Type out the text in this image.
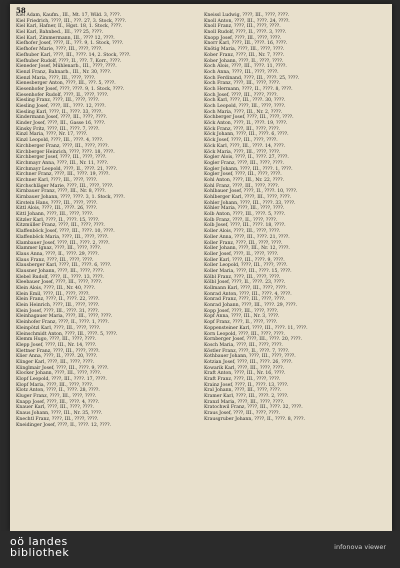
58
Kiel Adam, Kaufm., III., Mt. 17, Wild. 3, ????.
Kiel Friedrich, ????, III., ???. 27, 3. Stock, ????.
Kiel Karl, Hafner, II., Hgst. 18, 1. Stock, ????.
Kiel Karl, Bahnbed., III., ??? 25, ????.
Kiel Karl, Zimmermann, III., ???? 12, ????.
Kiefhofer Josef, ????, II., ???. 9, 1. Stock, ????.
Kiefhofer Marie, ????, III., ????, ????.
Kiefhuber Karl, ????, III., ????. 14, 2. Stock, ????.
Kiefhuber Rudolf, ????, II., ???. 7, Korr., ????.
Kieneder Josef, Mühlenarb., III., ????, ????.
Kienzl Franz, Bahnarb., III., Nr. 30, ????.
Kienzl Maria, ????, III., ????, ????.
Kienesberger Anton, ????, III., ???. 5, ????.
Kiesenhofer Josef, ????, ????. 9, 1. Stock, ????.
Kiesenhofer Rudolf, ????, II., ????, ????.
Kiesling Franz, ????, III., ????, ????.
Kiesling Josef, ????, III., ????. 12, ????.
Kiesling Karl, ????, II., ????. 33, ????.
Kindermann Josef, ????, III., ????, ????.
Kinder Josef, ????, III., Gasse 16, ????.
Kinsky Fritz, ????, III., ????. 7, ????.
Kinzl Maria, ????, Nr. 17, ????.
Kinzl Leopold, ????, III., ????. 4, ????.
Kirchberger Franz, ????, III., ????, ????.
Kirchberger Heinrich, ????, ????. 18, ????.
Kirchberger Josef, ????, III., ????, ????.
Kirchmayr Anna, ????, III., Nr. 11, ????.
Kirchmayr Leopold, ????, II., ????. 21, ????.
Kirchner Franz, ????, III., ????. 19, ????.
Kirchner Karl, ????, III., ????, ????.
Kirchschläger Marie, ????, III., ????, ????.
Kirnbauer Franz, ????, III., Nr. 8, ????.
Kirnbauer Johann, ????, ????. 3, 1. Stock, ????.
Kirstein Hans, ????, III., ????, ????.
Kittl Alois, ????, III., ????. 26, ????.
Kittl Johann, ????, III., ????, ????.
Kitzler Karl, ????, II., ????. 15, ????.
Kitzmüller Franz, ????, III., ????, ????.
Klaffenböck Josef, ????, III., ????. 10, ????.
Klaffenböck Maria, ????, III., ????, ????.
Klambauer Josef, ????, III., ????. 2, ????.
Klammer Ignaz, ????, III., ????, ????.
Klaus Anna, ????, II., ????. 29, ????.
Klaus Franz, ????, III., ????, ????.
Klausberger Karl, ????, III., ????. 6, ????.
Klausner Johann, ????, III., ????, ????.
Klebel Rudolf, ????, II., ????. 13, ????.
Kleebauer Josef, ????, III., ????, ????.
Klein Alois, ????, III., Nr. 40, ????.
Klein Emil, ????, III., ????, ????.
Klein Franz, ????, II., ????. 22, ????.
Klein Heinrich, ????, III., ????, ????.
Klein Josef, ????, III., ????. 31, ????.
Kleinhagauer Maria, ????, III., ????, ????.
Kleinhofer Franz, ????, II., ????. 1, ????.
Kleinpötzl Karl, ????, III., ????, ????.
Kleinschmidt Anton, ????, III., ????. 5, ????.
Klemm Hugo, ????, III., ????, ????.
Klepp Josef, ????, III., Nr. 14, ????.
Klettner Franz, ????, III., ????, ????.
Klier Anna, ????, II., ????. 20, ????.
Klinger Karl, ????, III., ????, ????.
Klinglmair Josef, ????, III., ????. 9, ????.
Klocker Johann, ????, III., ????, ????.
Klopf Leopold, ????, III., ????. 17, ????.
Klopf Maria, ????, III., ????, ????.
Klotz Anton, ????, II., ????. 28, ????.
Kluger Franz, ????, III., ????, ????.
Knapp Josef, ????, III., ????. 4, ????.
Knauer Karl, ????, III., ????, ????.
Knaus Johann, ????, III., Nr. 35, ????.
Knechtl Franz, ????, III., ????, ????.
Kneidinger Josef, ????, II., ????. 12, ????.
Kneissl Ludwig, ????, III., ????, ????.
Knoll Anton, ????, III., ????. 24, ????.
Knoll Franz, ????, III., ????, ????.
Knoll Rudolf, ????, II., ????. 3, ????.
Knopp Josef, ????, III., ????, ????.
Knorr Karl, ????, III., ????. 16, ????.
Knötig Maria, ????, III., ????, ????.
Kober Franz, ????, III., Nr. 7, ????.
Kober Johann, ????, II., ????, ????.
Koch Alois, ????, III., ????. 11, ????.
Koch Anna, ????, III., ????, ????.
Koch Ferdinand, ????, III., ????. 25, ????.
Koch Franz, ????, III., ????, ????.
Koch Hermann, ????, II., ????. 8, ????.
Koch Josef, ????, III., ????, ????.
Koch Karl, ????, III., ????. 30, ????.
Koch Leopold, ????, III., ????, ????.
Koch Maria, ????, III., Nr. 2, ????.
Kochberger Josef, ????, III., ????, ????.
Köck Anton, ????, II., ????. 19, ????.
Köck Franz, ????, III., ????, ????.
Köck Johann, ????, III., ????. 6, ????.
Köck Josef, ????, III., ????, ????.
Köck Karl, ????, III., ????. 14, ????.
Köck Maria, ????, III., ????, ????.
Kogler Alois, ????, II., ????. 27, ????.
Kogler Franz, ????, III., ????, ????.
Kogler Johann, ????, III., ????. 1, ????.
Kogler Josef, ????, III., ????, ????.
Kohl Anton, ????, III., Nr. 22, ????.
Kohl Franz, ????, III., ????, ????.
Kohlbauer Josef, ????, II., ????. 10, ????.
Kohlberger Karl, ????, III., ????, ????.
Kohler Johann, ????, III., ????. 33, ????.
Köhler Maria, ????, III., ????, ????.
Kolb Anton, ????, III., ????. 5, ????.
Kolb Franz, ????, II., ????, ????.
Kolb Josef, ????, III., ????. 18, ????.
Koller Alois, ????, III., ????, ????.
Koller Anna, ????, III., ????. 21, ????.
Koller Franz, ????, III., ????, ????.
Koller Johann, ????, III., Nr. 12, ????.
Koller Josef, ????, II., ????, ????.
Koller Karl, ????, III., ????. 9, ????.
Koller Leopold, ????, III., ????, ????.
Koller Maria, ????, III., ????. 15, ????.
Kölbl Franz, ????, III., ????, ????.
Kölbl Josef, ????, II., ????. 23, ????.
Kollmann Karl, ????, III., ????, ????.
Konrad Anton, ????, III., ????. 4, ????.
Konrad Franz, ????, III., ????, ????.
Konrad Johann, ????, III., ????. 29, ????.
Kopp Josef, ????, III., ????, ????.
Kopf Anna, ????, III., Nr. 3, ????.
Kopf Franz, ????, II., ????, ????.
Koppensteiner Karl, ????, III., ????. 11, ????.
Korn Leopold, ????, III., ????, ????.
Kornberger Josef, ????, III., ????. 20, ????.
Kosch Maria, ????, III., ????, ????.
Köstler Franz, ????, II., ????. 7, ????.
Kothbauer Johann, ????, III., ????, ????.
Kotzian Josef, ????, III., ????. 26, ????.
Kowarik Karl, ????, III., ????, ????.
Kraft Anton, ????, III., Nr. 16, ????.
Kraft Franz, ????, III., ????, ????.
Krainz Josef, ????, II., ????. 13, ????.
Kral Johann, ????, III., ????, ????.
Kramer Karl, ????, III., ????. 2, ????.
Kranzl Maria, ????, III., ????, ????.
Kratochwil Franz, ????, III., ????. 32, ????.
Kraus Josef, ????, III., ????, ????.
Krausgruber Johann, ????, II., ????. 8, ????.
oö landes
bibliothek	infonova viewer
